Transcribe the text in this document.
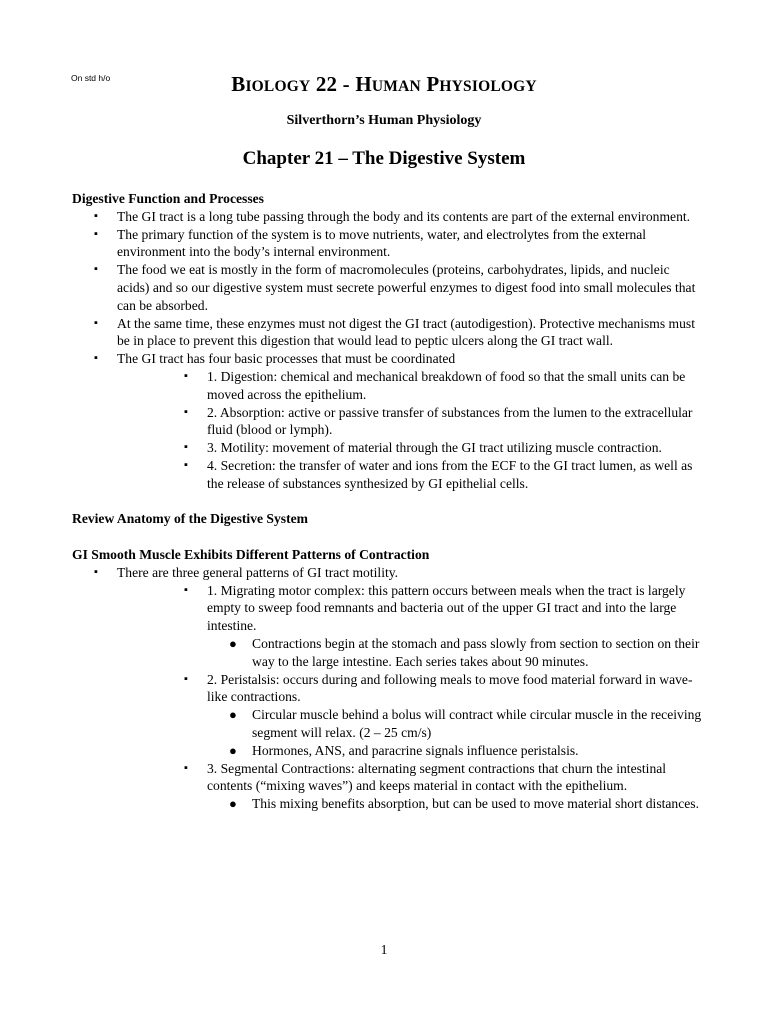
On std h/o	BIOLOGY 22 - HUMAN PHYSIOLOGY
Silverthorn’s Human Physiology
Chapter 21 – The Digestive System
Digestive Function and Processes
▪ The GI tract is a long tube passing through the body and its contents are part of the external environment.
▪ The primary function of the system is to move nutrients, water, and electrolytes from the external environment into the body’s internal environment.
▪ The food we eat is mostly in the form of macromolecules (proteins, carbohydrates, lipids, and nucleic acids) and so our digestive system must secrete powerful enzymes to digest food into small molecules that can be absorbed.
▪ At the same time, these enzymes must not digest the GI tract (autodigestion). Protective mechanisms must be in place to prevent this digestion that would lead to peptic ulcers along the GI tract wall.
▪ The GI tract has four basic processes that must be coordinated
▪ 1. Digestion: chemical and mechanical breakdown of food so that the small units can be moved across the epithelium.
▪ 2. Absorption: active or passive transfer of substances from the lumen to the extracellular fluid (blood or lymph).
▪ 3. Motility: movement of material through the GI tract utilizing muscle contraction.
▪ 4. Secretion: the transfer of water and ions from the ECF to the GI tract lumen, as well as the release of substances synthesized by GI epithelial cells.
Review Anatomy of the Digestive System
GI Smooth Muscle Exhibits Different Patterns of Contraction
▪ There are three general patterns of GI tract motility.
▪ 1. Migrating motor complex: this pattern occurs between meals when the tract is largely empty to sweep food remnants and bacteria out of the upper GI tract and into the large intestine.
● Contractions begin at the stomach and pass slowly from section to section on their way to the large intestine. Each series takes about 90 minutes.
▪ 2. Peristalsis: occurs during and following meals to move food material forward in wave-like contractions.
● Circular muscle behind a bolus will contract while circular muscle in the receiving segment will relax. (2 – 25 cm/s)
● Hormones, ANS, and paracrine signals influence peristalsis.
▪ 3. Segmental Contractions: alternating segment contractions that churn the intestinal contents (“mixing waves”) and keeps material in contact with the epithelium.
● This mixing benefits absorption, but can be used to move material short distances.
1
